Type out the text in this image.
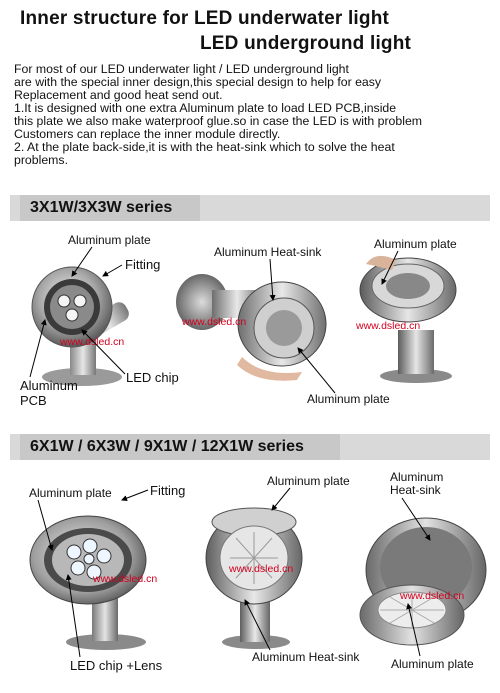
Inner structure for LED underwater light
LED underground light
For most of our LED underwater light / LED underground light
are with the special inner design,this special design to help for easy
Replacement and good heat send out.
1.It is designed with one extra Aluminum plate to load LED PCB,inside
this plate we also make waterproof glue.so in case the LED is with problem
Customers can replace the inner module directly.
2. At the plate back-side,it is with the heat-sink which to solve the heat
problems.
3X1W/3X3W series
Aluminum plate
Fitting
Aluminum
PCB
LED chip
www.dsled.cn
Aluminum Heat-sink
Aluminum plate
www.dsled.cn
Aluminum plate
www.dsled.cn
6X1W / 6X3W / 9X1W / 12X1W series
Aluminum plate	Fitting
LED chip +Lens
www.dsled.cn
Aluminum plate
Aluminum Heat-sink
www.dsled.cn
Aluminum
Heat-sink
Aluminum plate
www.dsled.cn
